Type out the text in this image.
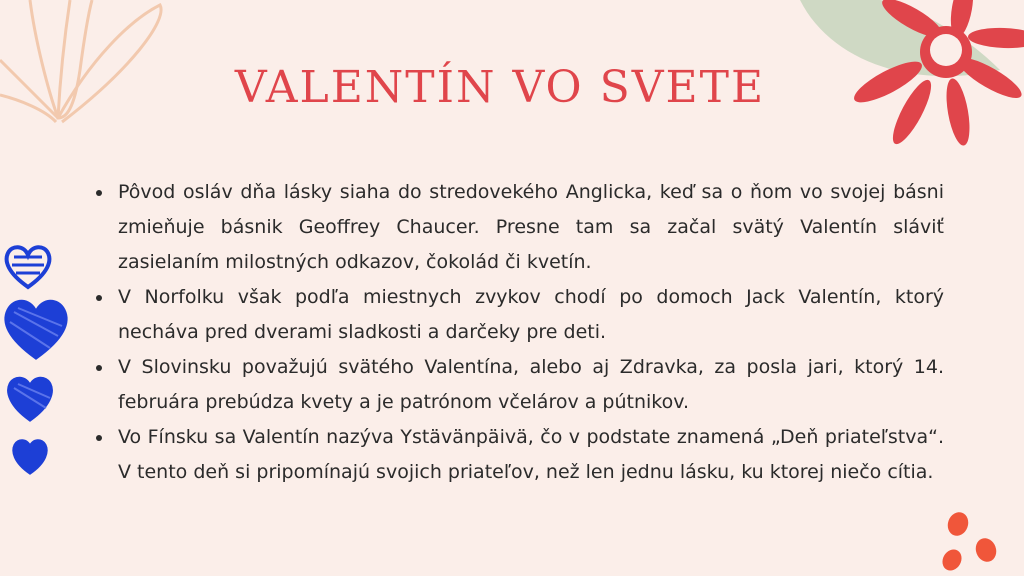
VALENTÍN VO SVETE
Pôvod osláv dňa lásky siaha do stredovekého Anglicka, keď sa o ňom vo svojej básni zmieňuje básnik Geoffrey Chaucer. Presne tam sa začal svätý Valentín sláviť zasielaním milostných odkazov, čokolád či kvetín.
V Norfolku však podľa miestnych zvykov chodí po domoch Jack Valentín, ktorý necháva pred dverami sladkosti a darčeky pre deti.
V Slovinsku považujú svätého Valentína, alebo aj Zdravka, za posla jari, ktorý 14. februára prebúdza kvety a je patrónom včelárov a pútnikov.
Vo Fínsku sa Valentín nazýva Ystävänpäivä, čo v podstate znamená „Deň priateľstva“. V tento deň si pripomínajú svojich priateľov, než len jednu lásku, ku ktorej niečo cítia.
